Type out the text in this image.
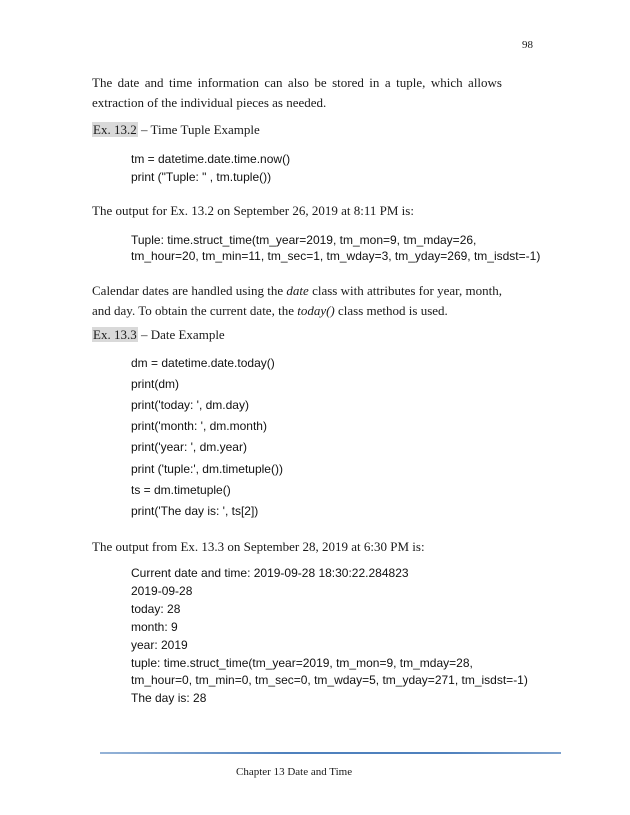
98
The date and time information can also be stored in a tuple, which allows extraction of the individual pieces as needed.
Ex. 13.2 – Time Tuple Example
tm = datetime.date.time.now()
print ("Tuple: " , tm.tuple())
The output for Ex. 13.2 on September 26, 2019 at 8:11 PM is:
Tuple: time.struct_time(tm_year=2019, tm_mon=9, tm_mday=26,
tm_hour=20, tm_min=11, tm_sec=1, tm_wday=3, tm_yday=269, tm_isdst=-1)
Calendar dates are handled using the date class with attributes for year, month, and day. To obtain the current date, the today() class method is used.
Ex. 13.3 – Date Example
dm = datetime.date.today()
print(dm)
print('today: ', dm.day)
print('month: ', dm.month)
print('year: ', dm.year)
print ('tuple:', dm.timetuple())
ts = dm.timetuple()
print('The day is: ', ts[2])
The output from Ex. 13.3 on September 28, 2019 at 6:30 PM is:
Current date and time: 2019-09-28 18:30:22.284823
2019-09-28
today: 28
month: 9
year: 2019
tuple: time.struct_time(tm_year=2019, tm_mon=9, tm_mday=28,
tm_hour=0, tm_min=0, tm_sec=0, tm_wday=5, tm_yday=271, tm_isdst=-1)
The day is: 28
Chapter 13 Date and Time
